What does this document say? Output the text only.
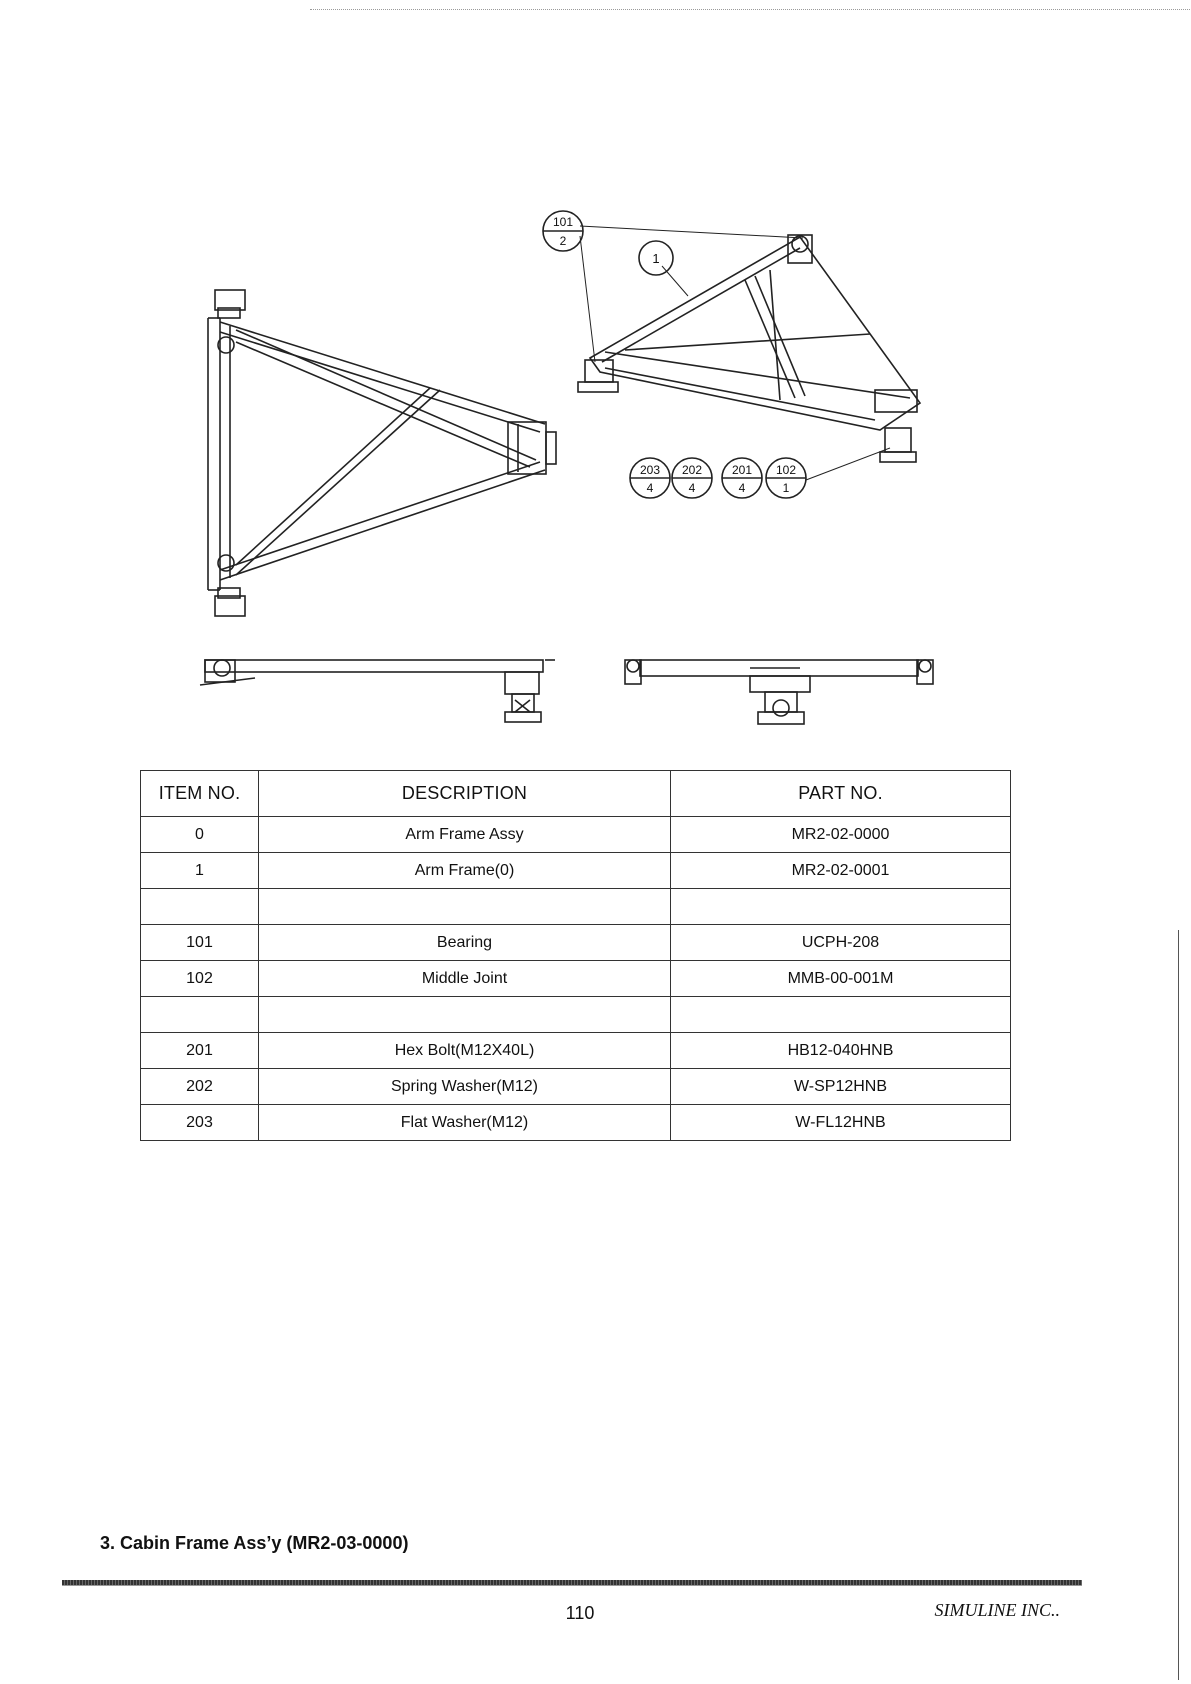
101
2
1
203
4
202
4
201
4
102
1
ITEM NO.	DESCRIPTION	PART NO.
0	Arm Frame Assy	MR2-02-0000
1	Arm Frame(0)	MR2-02-0001

101	Bearing	UCPH-208
102	Middle Joint	MMB-00-001M

201	Hex Bolt(M12X40L)	HB12-040HNB
202	Spring Washer(M12)	W-SP12HNB
203	Flat Washer(M12)	W-FL12HNB
3. Cabin Frame Ass’y (MR2-03-0000)
110	SIMULINE INC..
